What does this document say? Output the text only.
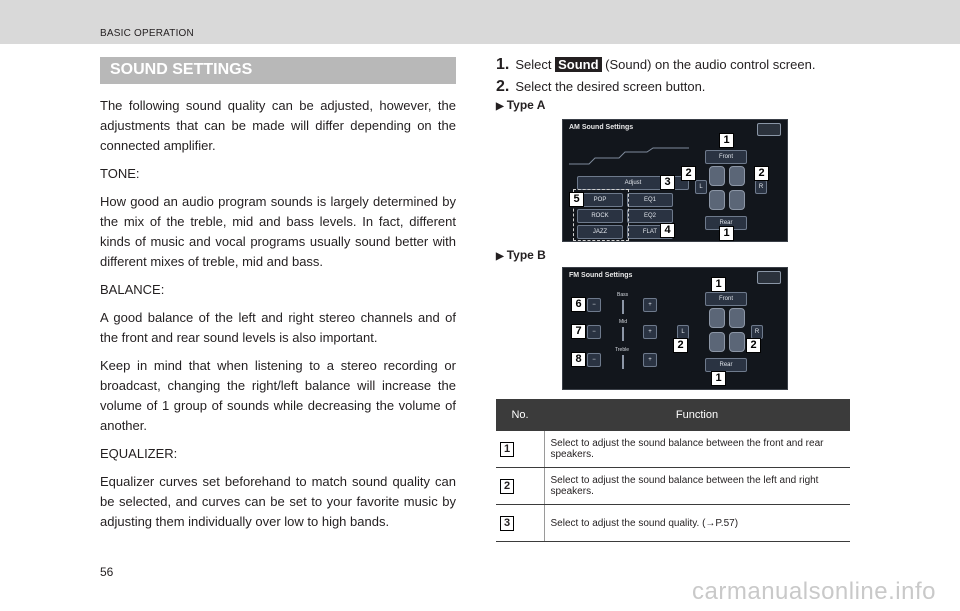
BASIC OPERATION
SOUND SETTINGS

The following sound quality can be adjusted, however, the adjustments that can be made will differ depending on the connected amplifier.

TONE:

How good an audio program sounds is largely determined by the mix of the treble, mid and bass levels. In fact, different kinds of music and vocal programs usually sound better with different mixes of treble, mid and bass.

BALANCE:

A good balance of the left and right stereo channels and of the front and rear sound levels is also important.

Keep in mind that when listening to a stereo recording or broadcast, changing the right/left balance will increase the volume of 1 group of sounds while decreasing the volume of another.

EQUALIZER:

Equalizer curves set beforehand to match sound quality can be selected, and curves can be set to your favorite music by adjusting them individually over low to high bands.

1. Select Sound (Sound) on the audio control screen.
2. Select the desired screen button.
▶ Type A
AM Sound Settings
Adjust
POP
ROCK
JAZZ
EQ1
EQ2
FLAT
Front
Rear
L	R
1
2	2
3
5
4	1
▶ Type B
FM Sound Settings
−
Bass
+
−
Mid
+
−
Treble
+
Front
Rear
L	R
1
6
7
8
2	2
1
No.	Function
1	Select to adjust the sound balance between the front and rear speakers.
2	Select to adjust the sound balance between the left and right speakers.
3	Select to adjust the sound quality. (→P.57)
56
carmanualsonline.info
